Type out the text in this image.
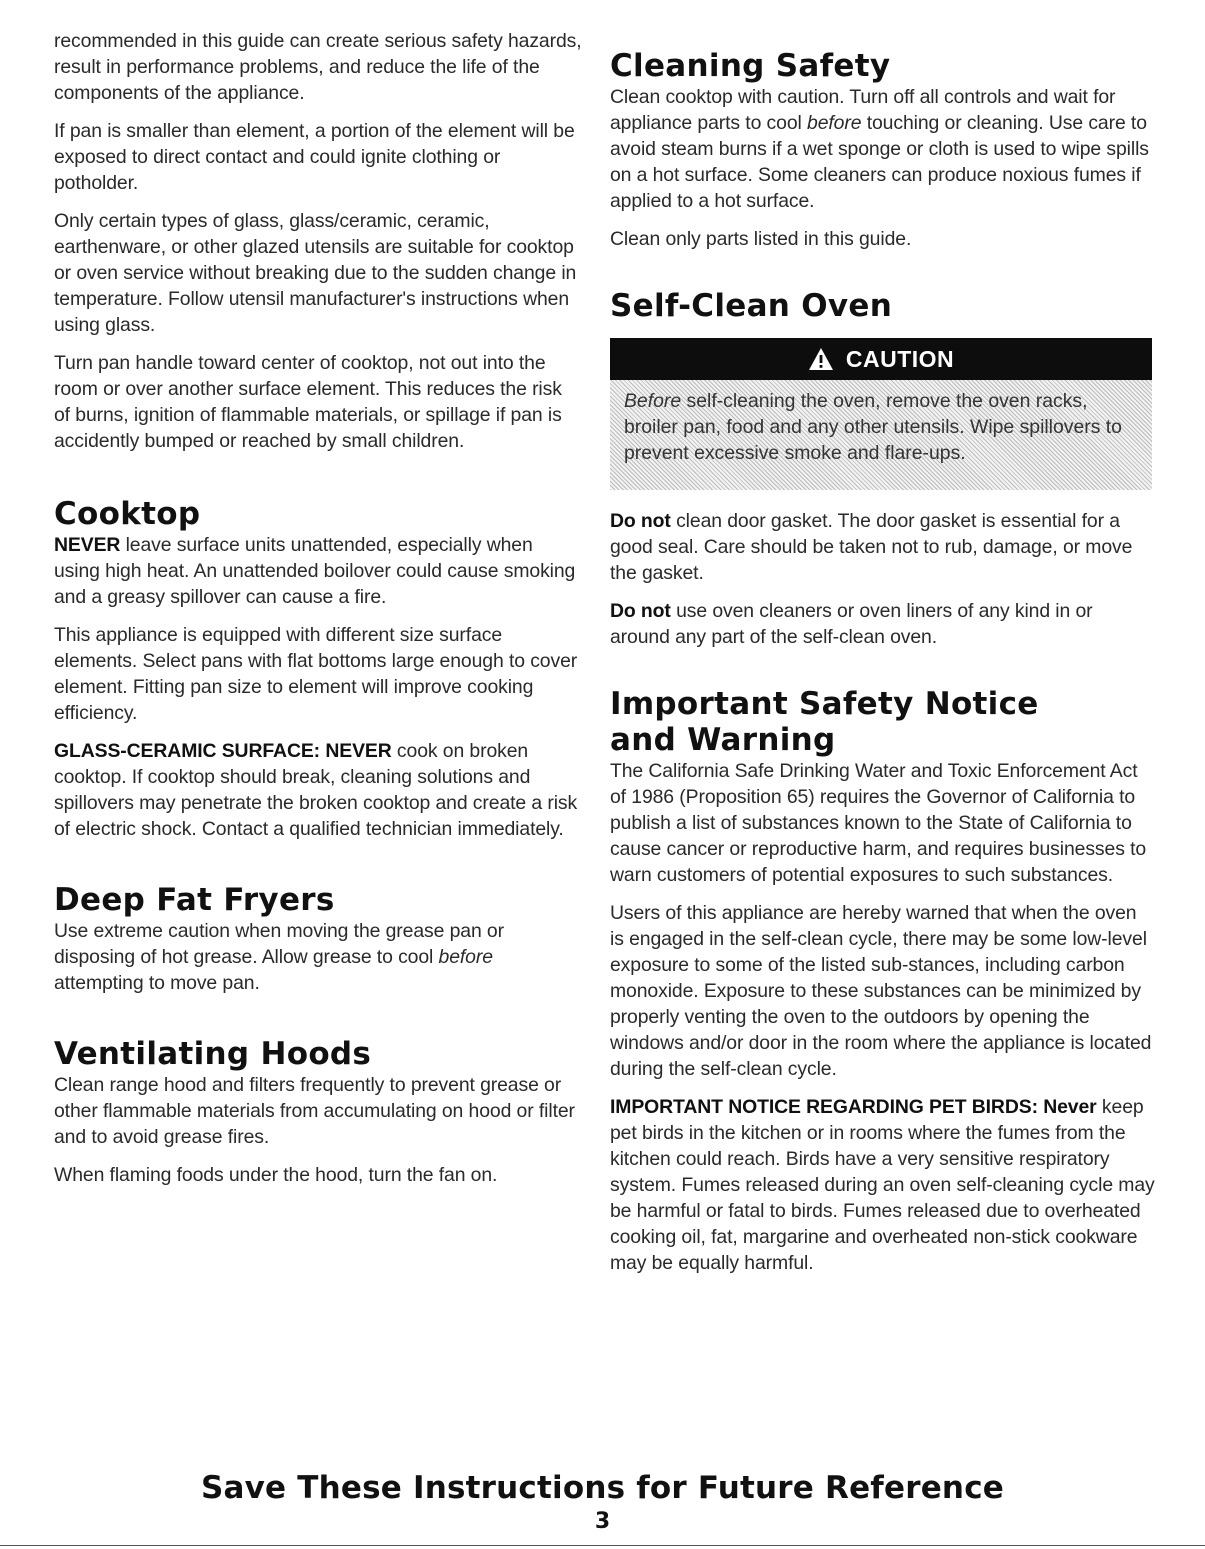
recommended in this guide can create serious safety hazards, result in performance problems, and reduce the life of the components of the appliance.

If pan is smaller than element, a portion of the element will be exposed to direct contact and could ignite clothing or potholder.

Only certain types of glass, glass/ceramic, ceramic, earthenware, or other glazed utensils are suitable for cooktop or oven service without breaking due to the sudden change in temperature. Follow utensil manufacturer's instructions when using glass.

Turn pan handle toward center of cooktop, not out into the room or over another surface element. This reduces the risk of burns, ignition of flammable materials, or spillage if pan is accidently bumped or reached by small children.

Cooktop

NEVER leave surface units unattended, especially when using high heat. An unattended boilover could cause smoking and a greasy spillover can cause a fire.

This appliance is equipped with different size surface elements. Select pans with flat bottoms large enough to cover element. Fitting pan size to element will improve cooking efficiency.

GLASS-CERAMIC SURFACE: NEVER cook on broken cooktop. If cooktop should break, cleaning solutions and spillovers may penetrate the broken cooktop and create a risk of electric shock. Contact a qualified technician immediately.

Deep Fat Fryers

Use extreme caution when moving the grease pan or disposing of hot grease. Allow grease to cool before attempting to move pan.

Ventilating Hoods

Clean range hood and filters frequently to prevent grease or other flammable materials from accumulating on hood or filter and to avoid grease fires.

When flaming foods under the hood, turn the fan on.

Cleaning Safety

Clean cooktop with caution. Turn off all controls and wait for appliance parts to cool before touching or cleaning. Use care to avoid steam burns if a wet sponge or cloth is used to wipe spills on a hot surface. Some cleaners can produce noxious fumes if applied to a hot surface.

Clean only parts listed in this guide.

Self-Clean Oven
CAUTION
Before self-cleaning the oven, remove the oven racks, broiler pan, food and any other utensils. Wipe spillovers to prevent excessive smoke and flare-ups.

Do not clean door gasket. The door gasket is essential for a good seal. Care should be taken not to rub, damage, or move the gasket.

Do not use oven cleaners or oven liners of any kind in or around any part of the self-clean oven.

Important Safety Notice
and Warning

The California Safe Drinking Water and Toxic Enforcement Act of 1986 (Proposition 65) requires the Governor of California to publish a list of substances known to the State of California to cause cancer or reproductive harm, and requires businesses to warn customers of potential exposures to such substances.

Users of this appliance are hereby warned that when the oven is engaged in the self-clean cycle, there may be some low-level exposure to some of the listed sub-stances, including carbon monoxide. Exposure to these substances can be minimized by properly venting the oven to the outdoors by opening the windows and/or door in the room where the appliance is located during the self-clean cycle.

IMPORTANT NOTICE REGARDING PET BIRDS: Never keep pet birds in the kitchen or in rooms where the fumes from the kitchen could reach. Birds have a very sensitive respiratory system. Fumes released during an oven self-cleaning cycle may be harmful or fatal to birds. Fumes released due to overheated cooking oil, fat, margarine and overheated non-stick cookware may be equally harmful.

Save These Instructions for Future Reference
3
